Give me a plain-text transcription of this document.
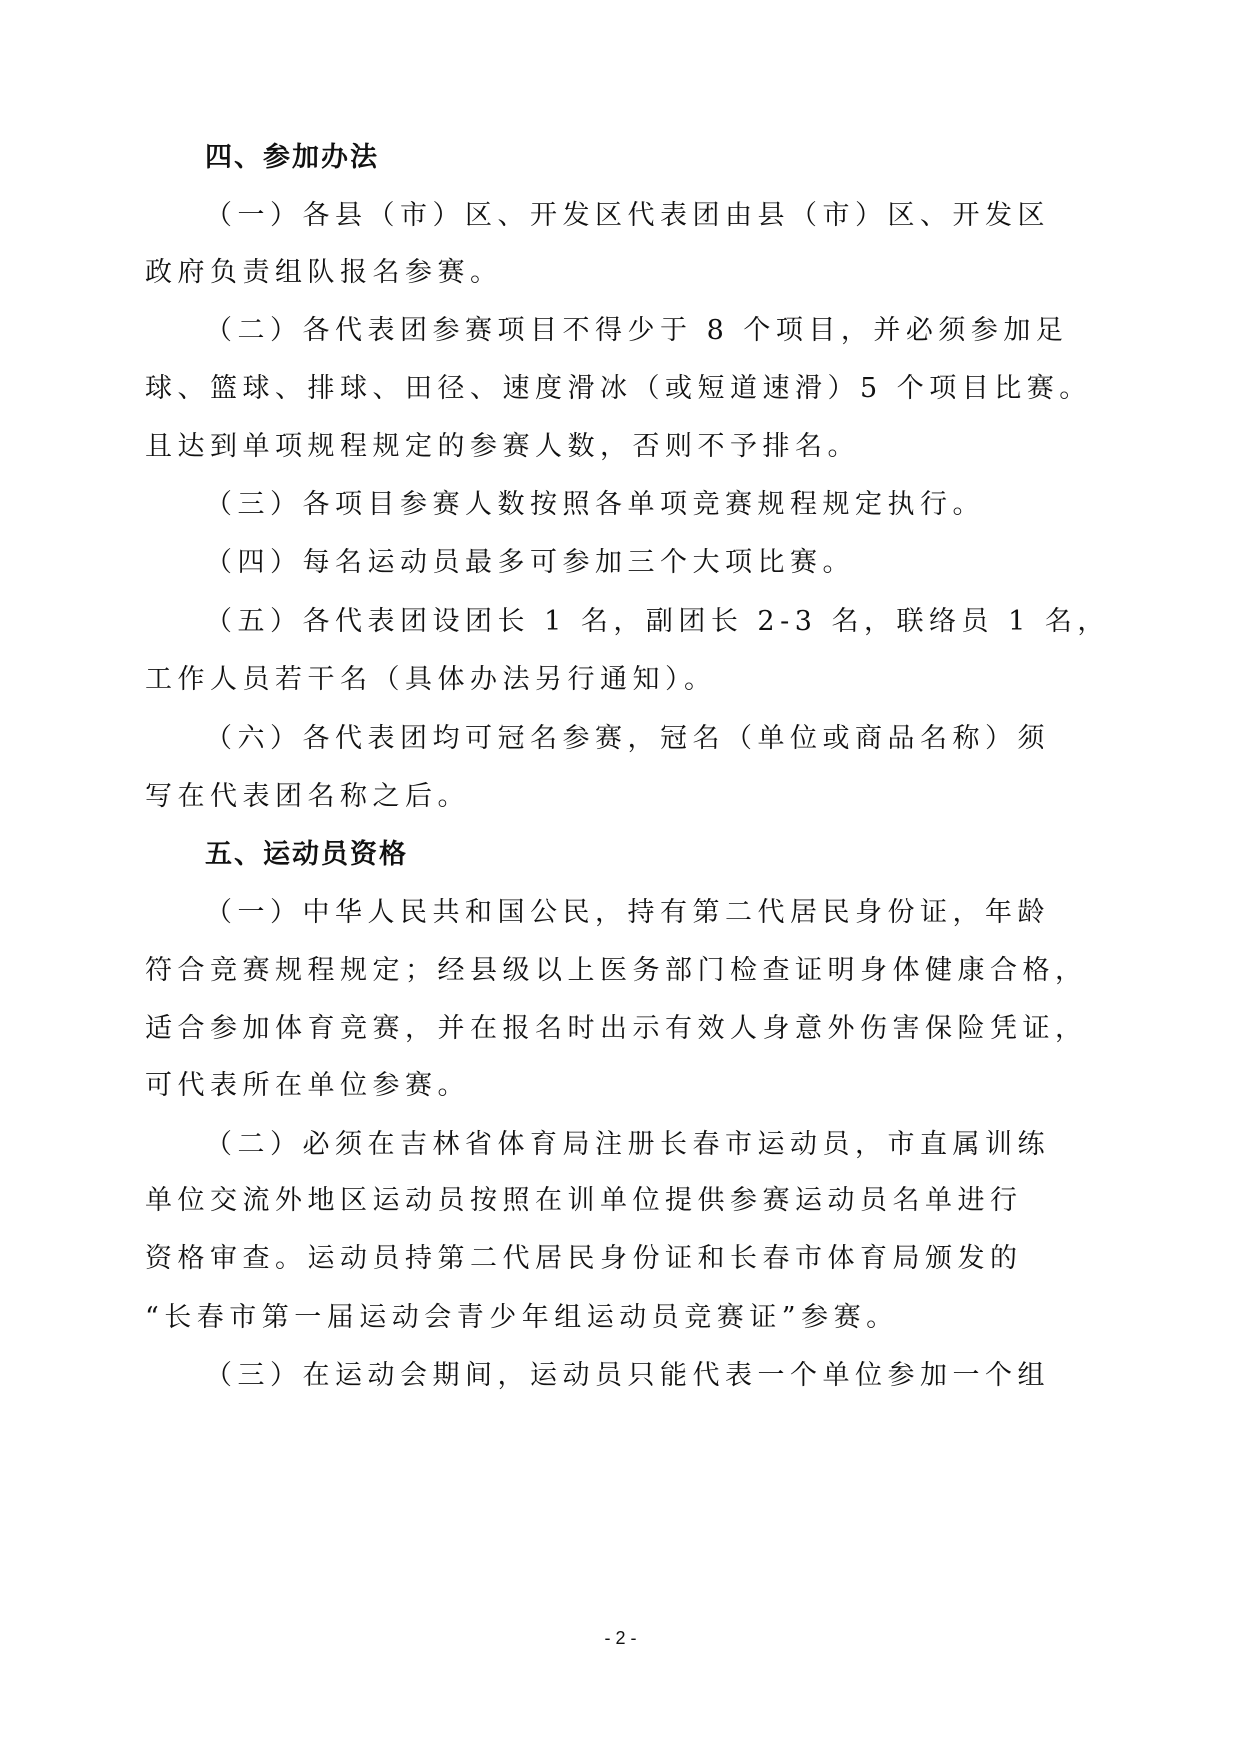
四、参加办法
（一）各县（市）区、开发区代表团由县（市）区、开发区
政府负责组队报名参赛。
（二）各代表团参赛项目不得少于 8 个项目，并必须参加足
球、篮球、排球、田径、速度滑冰（或短道速滑）5 个项目比赛。
且达到单项规程规定的参赛人数，否则不予排名。
（三）各项目参赛人数按照各单项竞赛规程规定执行。
（四）每名运动员最多可参加三个大项比赛。
（五）各代表团设团长 1 名，副团长 2-3 名，联络员 1 名，
工作人员若干名（具体办法另行通知）。
（六）各代表团均可冠名参赛，冠名（单位或商品名称）须
写在代表团名称之后。
五、运动员资格
（一）中华人民共和国公民，持有第二代居民身份证，年龄
符合竞赛规程规定；经县级以上医务部门检查证明身体健康合格，
适合参加体育竞赛，并在报名时出示有效人身意外伤害保险凭证，
可代表所在单位参赛。
（二）必须在吉林省体育局注册长春市运动员，市直属训练
单位交流外地区运动员按照在训单位提供参赛运动员名单进行
资格审查。运动员持第二代居民身份证和长春市体育局颁发的
“长春市第一届运动会青少年组运动员竞赛证”参赛。
（三）在运动会期间，运动员只能代表一个单位参加一个组
- 2 -
